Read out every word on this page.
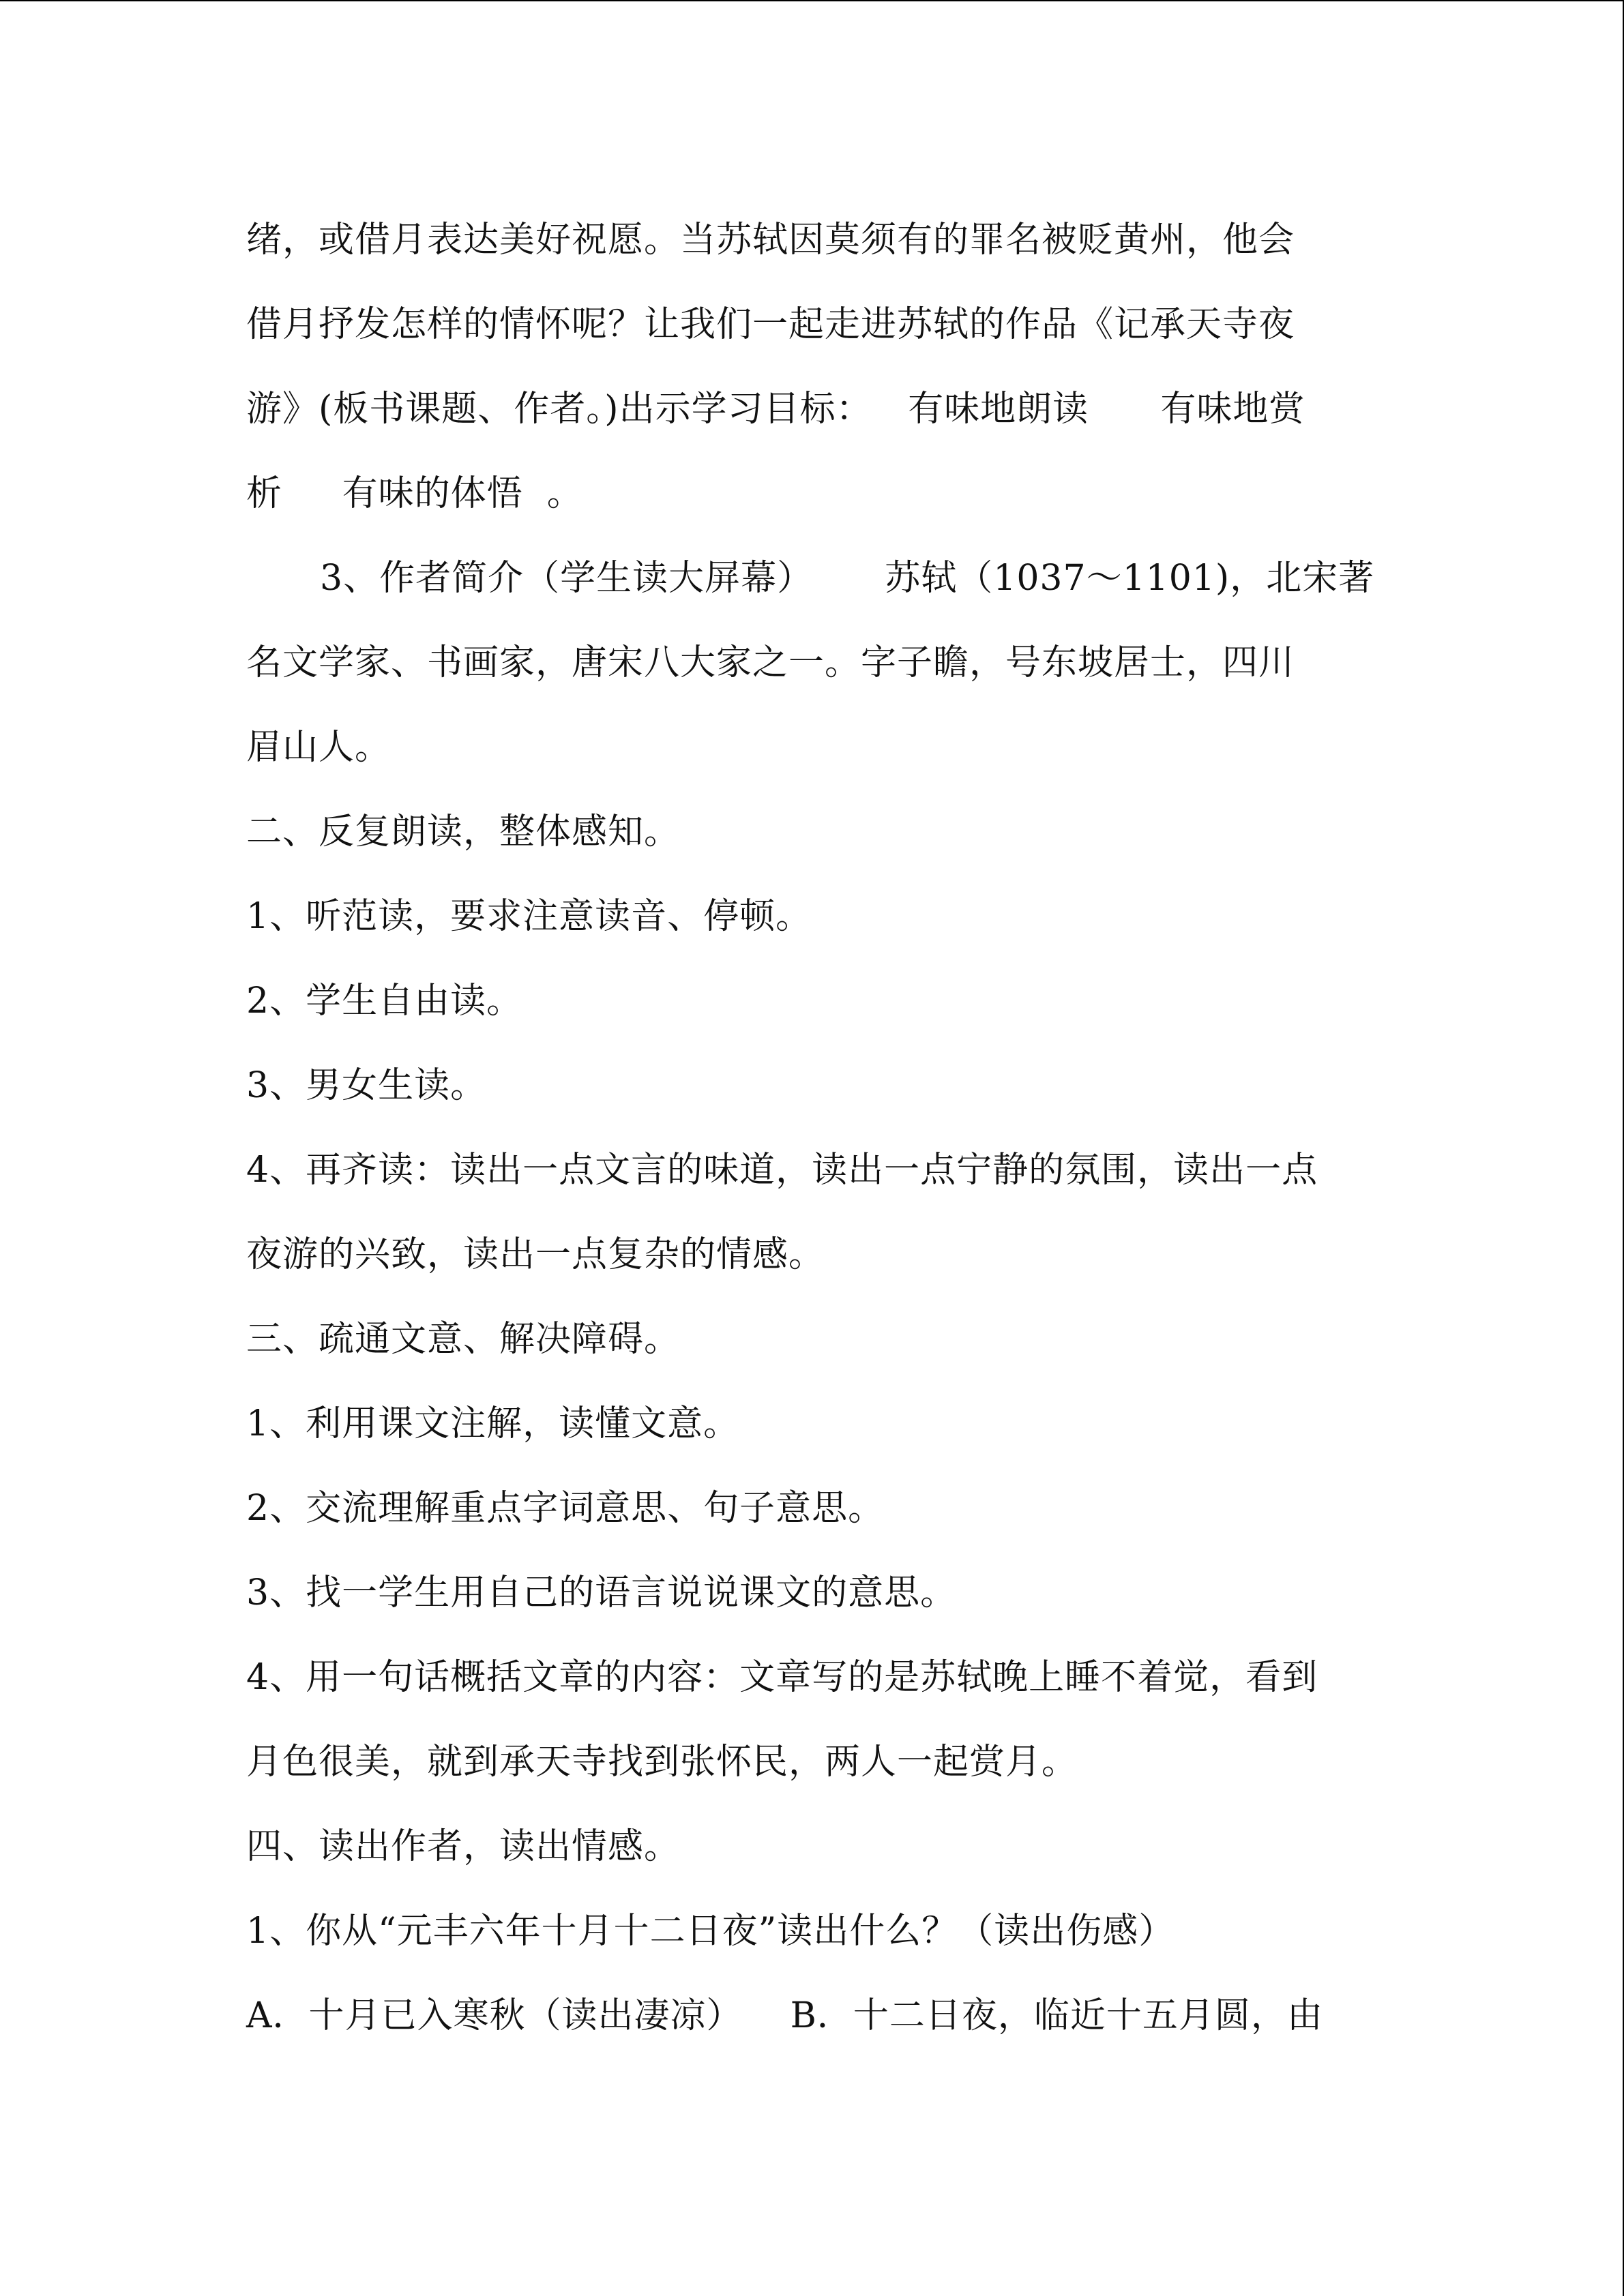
绪，或借月表达美好祝愿。当苏轼因莫须有的罪名被贬黄州，他会
借月抒发怎样的情怀呢？让我们一起走进苏轼的作品《记承天寺夜
游》(板书课题、作者。)出示学习目标：   有味地朗读      有味地赏
析     有味的体悟  。
3、作者简介（学生读大屏幕）      苏轼（1037～1101)，北宋著
名文学家、书画家，唐宋八大家之一。字子瞻，号东坡居士，四川
眉山人。
二、反复朗读，整体感知。
1、听范读，要求注意读音、停顿。
2、学生自由读。
3、男女生读。
4、再齐读：读出一点文言的味道，读出一点宁静的氛围，读出一点
夜游的兴致，读出一点复杂的情感。
三、疏通文意、解决障碍。
1、利用课文注解，读懂文意。
2、交流理解重点字词意思、句子意思。
3、找一学生用自己的语言说说课文的意思。
4、用一句话概括文章的内容：文章写的是苏轼晚上睡不着觉，看到
月色很美，就到承天寺找到张怀民，两人一起赏月。
四、读出作者，读出情感。
1、你从“元丰六年十月十二日夜”读出什么？（读出伤感）
A．十月已入寒秋（读出凄凉）    B．十二日夜，临近十五月圆，由
